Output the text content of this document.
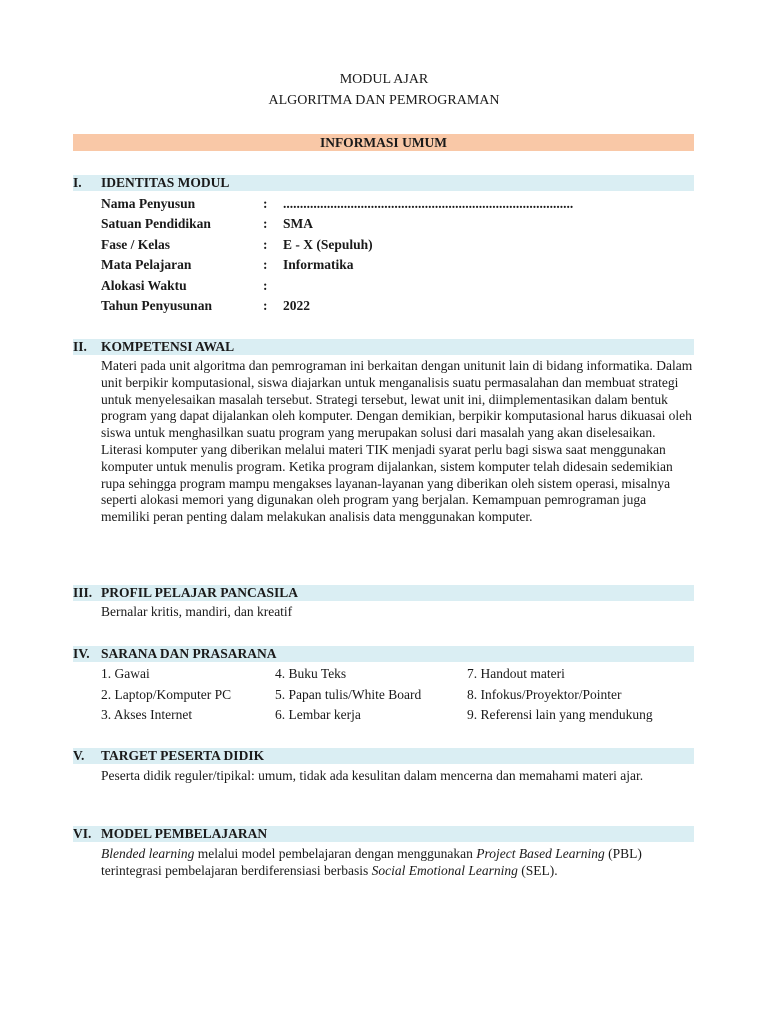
MODUL AJAR
ALGORITMA DAN PEMROGRAMAN
INFORMASI UMUM
I. IDENTITAS MODUL
Nama Penyusun	: ......................................................................................
Satuan Pendidikan	: SMA
Fase / Kelas	: E - X (Sepuluh)
Mata Pelajaran	: Informatika
Alokasi Waktu	:
Tahun Penyusunan	: 2022
II. KOMPETENSI AWAL

Materi pada unit algoritma dan pemrograman ini berkaitan dengan unitunit lain di bidang informatika. Dalam unit berpikir komputasional, siswa diajarkan untuk menganalisis suatu permasalahan dan membuat strategi untuk menyelesaikan masalah tersebut. Strategi tersebut, lewat unit ini, diimplementasikan dalam bentuk program yang dapat dijalankan oleh komputer. Dengan demikian, berpikir komputasional harus dikuasai oleh siswa untuk menghasilkan suatu program yang merupakan solusi dari masalah yang akan diselesaikan.

Literasi komputer yang diberikan melalui materi TIK menjadi syarat perlu bagi siswa saat menggunakan komputer untuk menulis program. Ketika program dijalankan, sistem komputer telah didesain sedemikian rupa sehingga program mampu mengakses layanan-layanan yang diberikan oleh sistem operasi, misalnya seperti alokasi memori yang digunakan oleh program yang berjalan. Kemampuan pemrograman juga memiliki peran penting dalam melakukan analisis data menggunakan komputer.

III. PROFIL PELAJAR PANCASILA
Bernalar kritis, mandiri, dan kreatif
IV. SARANA DAN PRASARANA
1. Gawai	4. Buku Teks	7. Handout materi
2. Laptop/Komputer PC	5. Papan tulis/White Board	8. Infokus/Proyektor/Pointer
3. Akses Internet	6. Lembar kerja	9. Referensi lain yang mendukung
V. TARGET PESERTA DIDIK
Peserta didik reguler/tipikal: umum, tidak ada kesulitan dalam mencerna dan memahami materi ajar.
VI. MODEL PEMBELAJARAN
Blended learning melalui model pembelajaran dengan menggunakan Project Based Learning (PBL) terintegrasi pembelajaran berdiferensiasi berbasis Social Emotional Learning (SEL).
